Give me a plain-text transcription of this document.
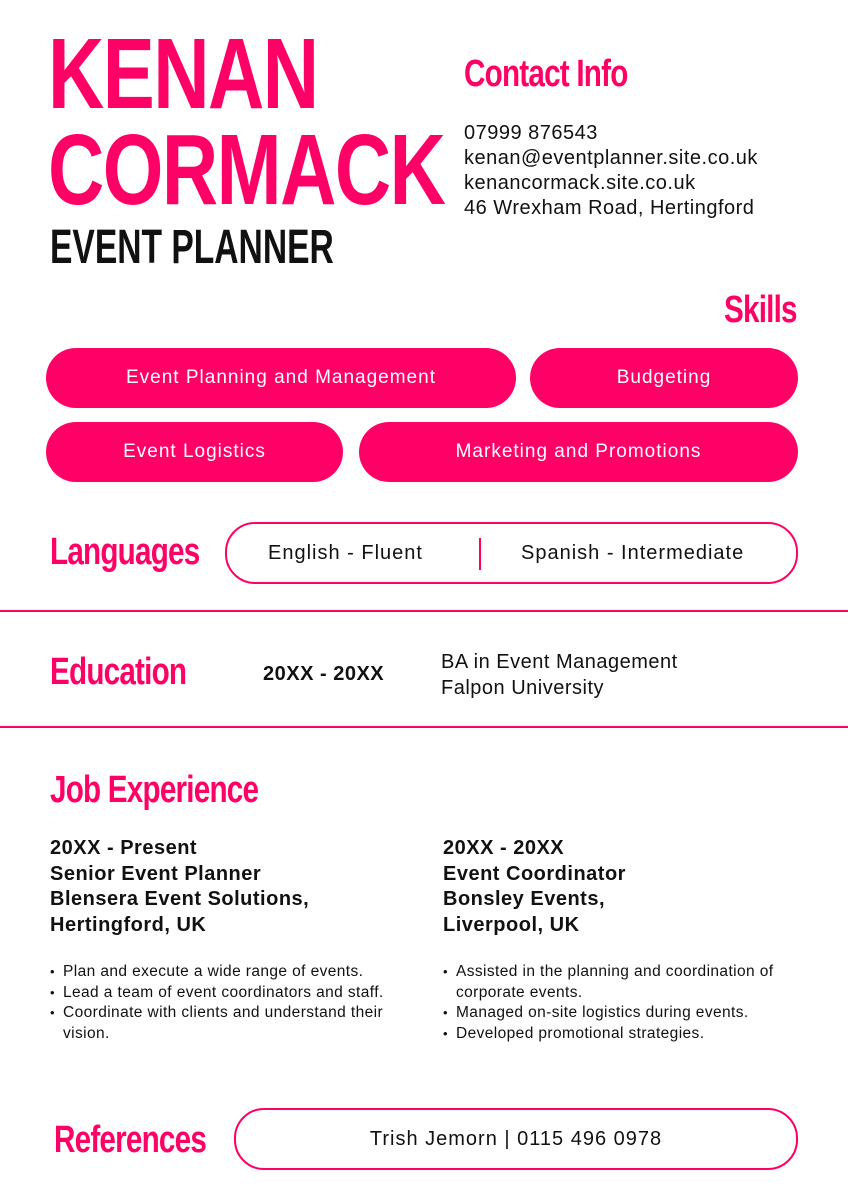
KENAN
CORMACK
EVENT PLANNER
Contact Info
07999 876543
kenan@eventplanner.site.co.uk
kenancormack.site.co.uk
46 Wrexham Road, Hertingford
Skills
Event Planning and Management	Budgeting
Event Logistics	Marketing and Promotions
Languages	English - Fluent	Spanish - Intermediate
Education	20XX - 20XX
BA in Event Management
Falpon University
Job Experience
20XX - Present
Senior Event Planner
Blensera Event Solutions,
Hertingford, UK
• Plan and execute a wide range of events.
• Lead a team of event coordinators and staff.
• Coordinate with clients and understand their vision.
20XX - 20XX
Event Coordinator
Bonsley Events,
Liverpool, UK
• Assisted in the planning and coordination of corporate events.
• Managed on-site logistics during events.
• Developed promotional strategies.
References	Trish Jemorn | 0115 496 0978
